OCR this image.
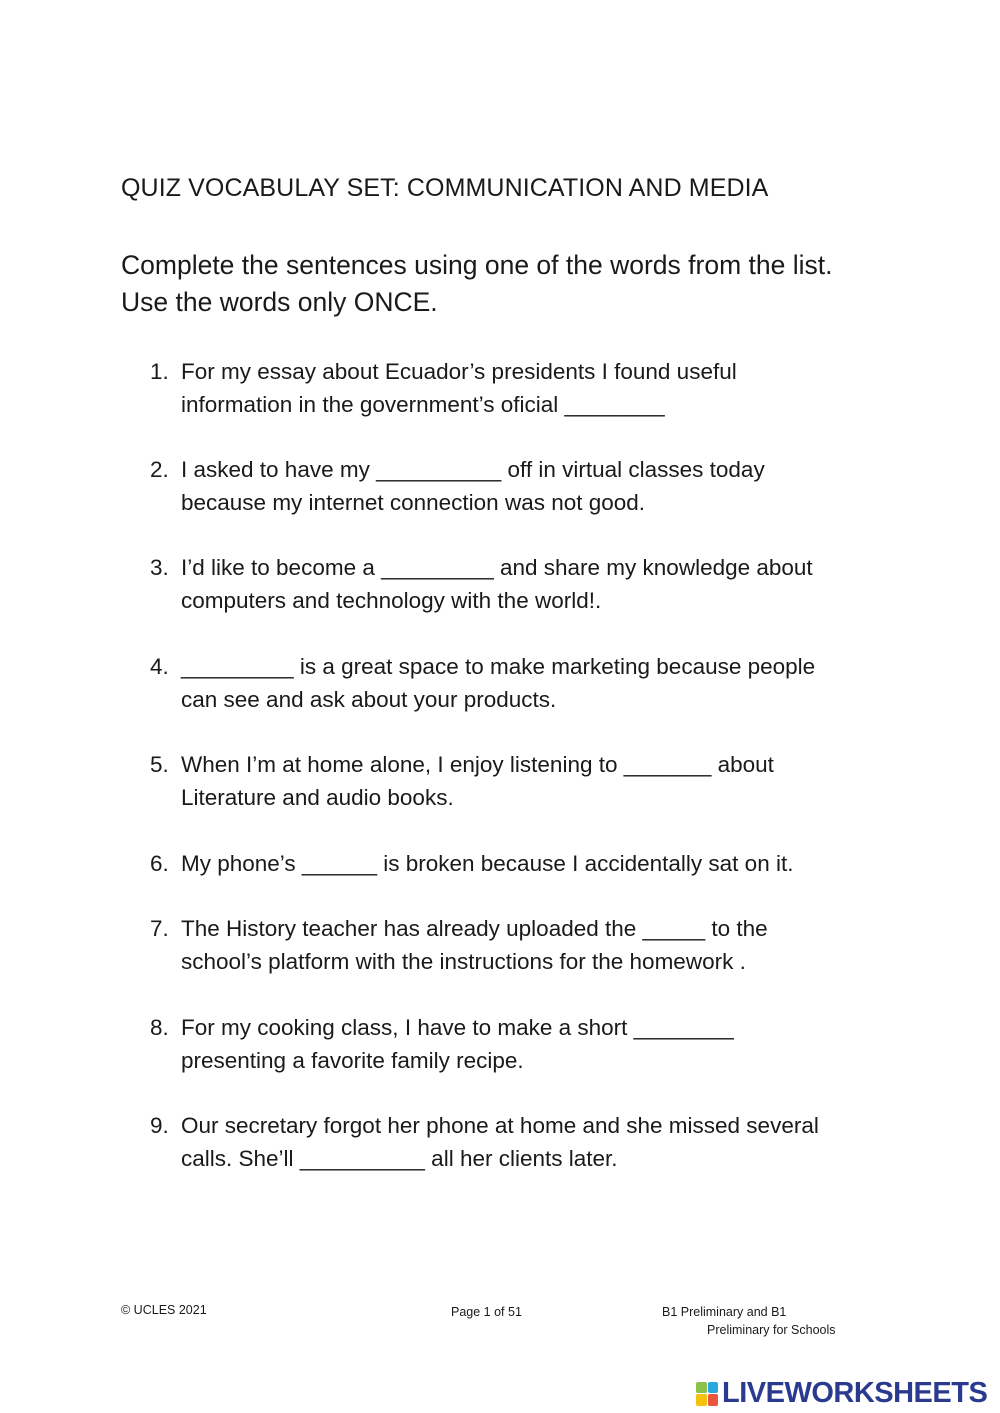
QUIZ VOCABULAY SET: COMMUNICATION AND MEDIA
Complete the sentences using one of the words from the list.
Use the words only ONCE.
1. For my essay about Ecuador’s presidents I found useful
information in the government’s oficial ________
2. I asked to have my __________ off in virtual classes today
because my internet connection was not good.
3. I’d like to become a _________ and share my knowledge about
computers and technology with the world!.
4. _________ is a great space to make marketing because people
can see and ask about your products.
5. When I’m at home alone, I enjoy listening to _______ about
Literature and audio books.
6. My phone’s ______ is broken because I accidentally sat on it.
7. The History teacher has already uploaded the _____ to the
school’s platform with the instructions for the homework .
8. For my cooking class, I have to make a short ________
presenting a favorite family recipe.
9. Our secretary forgot her phone at home and she missed several
calls. She’ll __________ all her clients later.
© UCLES 2021	Page 1 of 51	B1 Preliminary and B1
Preliminary for Schools
LIVEWORKSHEETS
